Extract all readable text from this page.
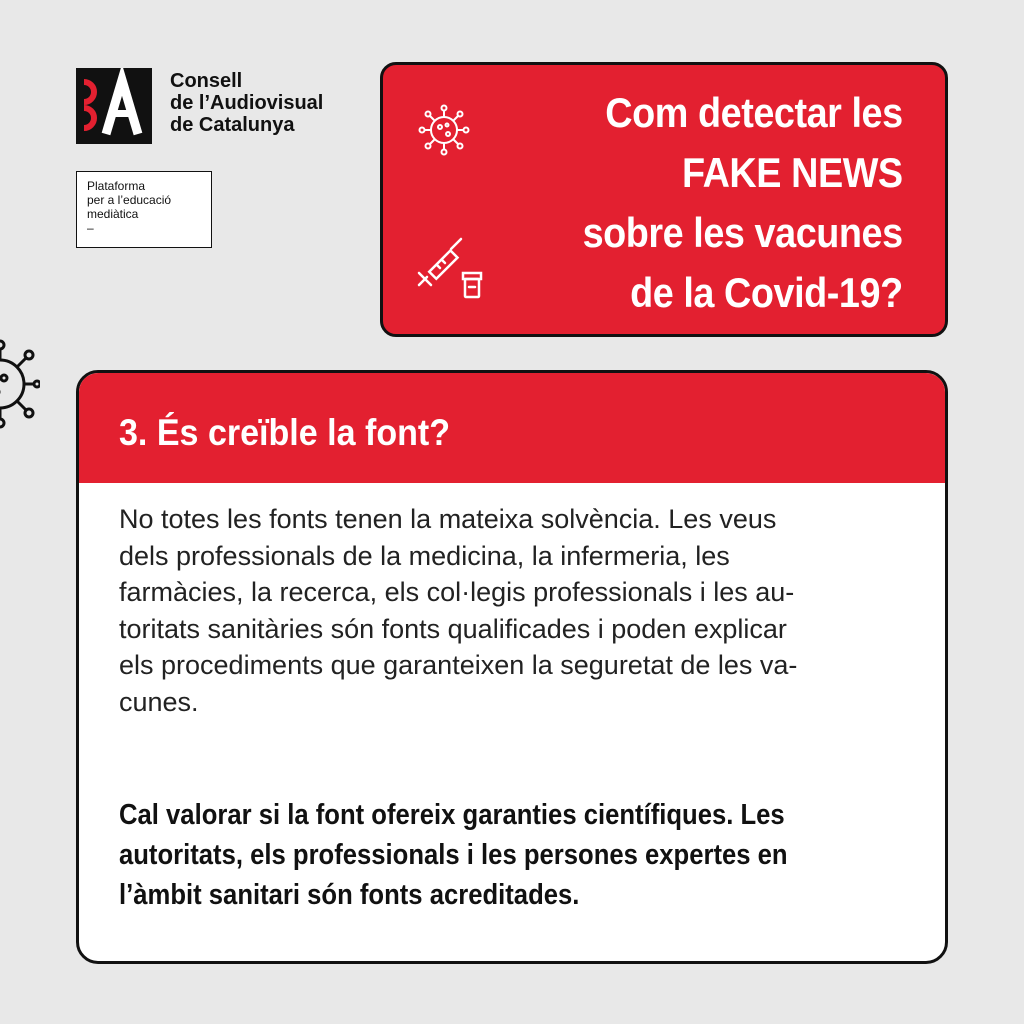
Consell
de l’Audiovisual
de Catalunya
Plataforma
per a l’educació
mediàtica
–
Com detectar les
FAKE NEWS
sobre les vacunes
de la Covid-19?
3. És creïble la font?
No totes les fonts tenen la mateixa solvència. Les veus
dels professionals de la medicina, la infermeria, les
farmàcies, la recerca, els col·legis professionals i les au-
toritats sanitàries són fonts qualificades i poden explicar
els procediments que garanteixen la seguretat de les va-
cunes.
Cal valorar si la font ofereix garanties científiques. Les
autoritats, els professionals i les persones expertes en
l’àmbit sanitari són fonts acreditades.
